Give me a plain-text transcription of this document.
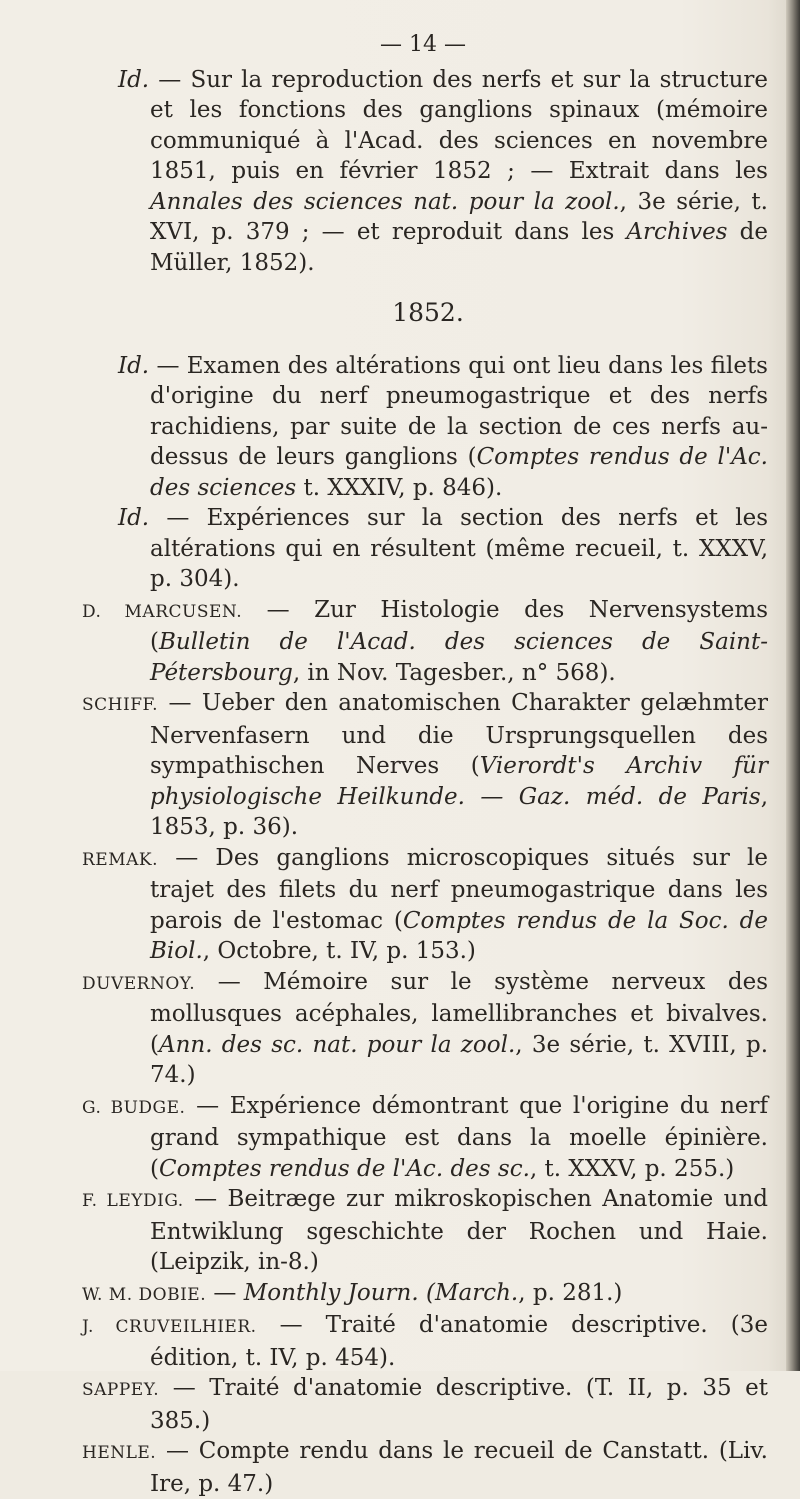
— 14 —

Id. — Sur la reproduction des nerfs et sur la structure et les fonctions des ganglions spinaux (mémoire communiqué à l'Acad. des sciences en novembre 1851, puis en février 1852 ; — Extrait dans les Annales des sciences nat. pour la zool., 3e série, t. XVI, p. 379 ; — et reproduit dans les Archives de Müller, 1852).

1852.

Id. — Examen des altérations qui ont lieu dans les filets d'origine du nerf pneumogastrique et des nerfs rachidiens, par suite de la section de ces nerfs au-dessus de leurs ganglions (Comptes rendus de l'Ac. des sciences t. XXXIV, p. 846).

Id. — Expériences sur la section des nerfs et les altérations qui en résultent (même recueil, t. XXXV, p. 304).

D. MARCUSEN. — Zur Histologie des Nervensystems (Bulletin de l'Acad. des sciences de Saint-Pétersbourg, in Nov. Tagesber., n° 568).

SCHIFF. — Ueber den anatomischen Charakter gelæhmter Nervenfasern und die Ursprungsquellen des sympathischen Nerves (Vierordt's Archiv für physiologische Heilkunde. — Gaz. méd. de Paris, 1853, p. 36).

REMAK. — Des ganglions microscopiques situés sur le trajet des filets du nerf pneumogastrique dans les parois de l'estomac (Comptes rendus de la Soc. de Biol., Octobre, t. IV, p. 153.)

DUVERNOY. — Mémoire sur le système nerveux des mollusques acéphales, lamellibranches et bivalves. (Ann. des sc. nat. pour la zool., 3e série, t. XVIII, p. 74.)

G. BUDGE. — Expérience démontrant que l'origine du nerf grand sympathique est dans la moelle épinière. (Comptes rendus de l'Ac. des sc., t. XXXV, p. 255.)

F. LEYDIG. — Beitræge zur mikroskopischen Anatomie und Entwiklung sgeschichte der Rochen und Haie. (Leipzik, in-8.)

W. M. DOBIE. — Monthly Journ. (March., p. 281.)

J. CRUVEILHIER. — Traité d'anatomie descriptive. (3e édition, t. IV, p. 454).

SAPPEY. — Traité d'anatomie descriptive. (T. II, p. 35 et 385.)

HENLE. — Compte rendu dans le recueil de Canstatt. (Liv. Ire, p. 47.)
